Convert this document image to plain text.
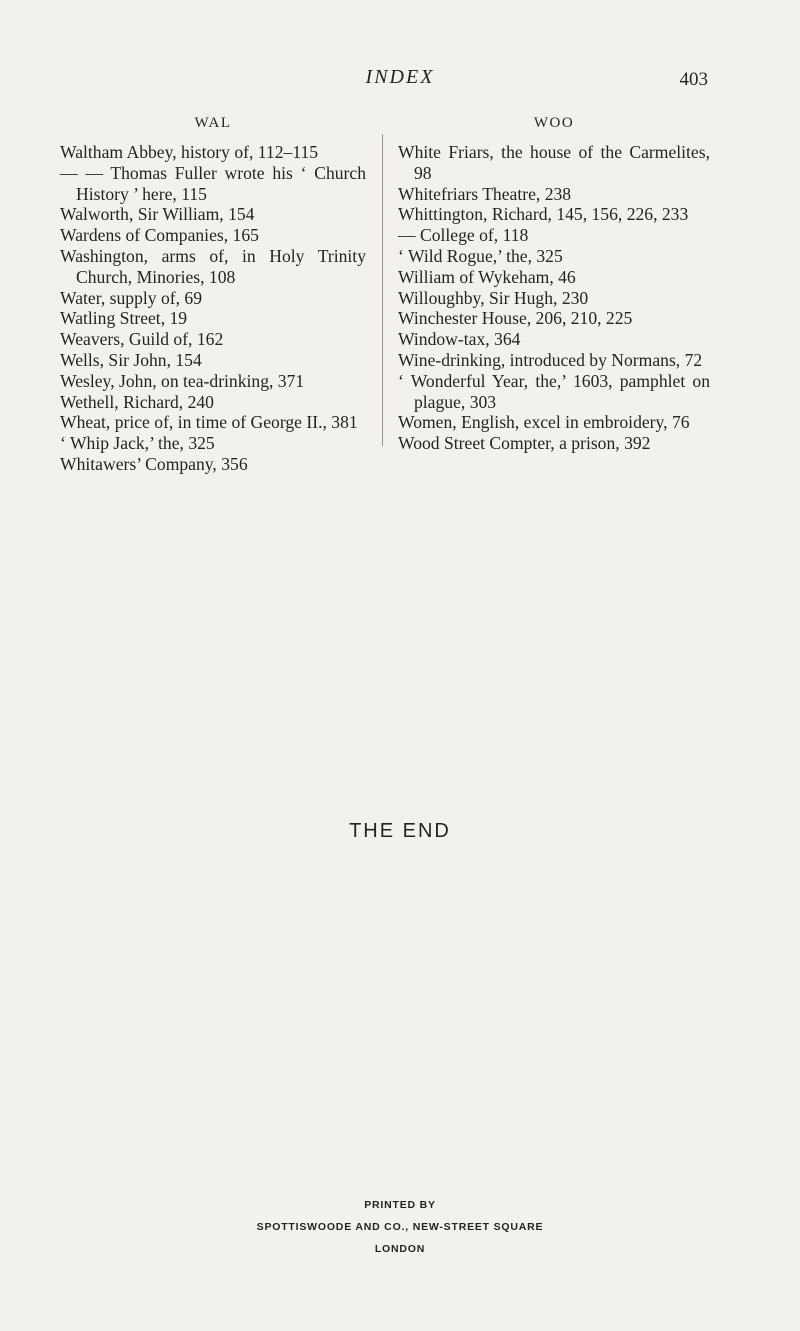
INDEX	403
WAL
Waltham Abbey, history of, 112–115
— — Thomas Fuller wrote his ‘ Church History ’ here, 115
Walworth, Sir William, 154
Wardens of Companies, 165
Washington, arms of, in Holy Trinity Church, Minories, 108
Water, supply of, 69
Watling Street, 19
Weavers, Guild of, 162
Wells, Sir John, 154
Wesley, John, on tea-drinking, 371
Wethell, Richard, 240
Wheat, price of, in time of George II., 381
‘ Whip Jack,’ the, 325
Whitawers’ Company, 356
WOO
White Friars, the house of the Carmelites, 98
Whitefriars Theatre, 238
Whittington, Richard, 145, 156, 226, 233
— College of, 118
‘ Wild Rogue,’ the, 325
William of Wykeham, 46
Willoughby, Sir Hugh, 230
Winchester House, 206, 210, 225
Window-tax, 364
Wine-drinking, introduced by Normans, 72
‘ Wonderful Year, the,’ 1603, pamphlet on plague, 303
Women, English, excel in embroidery, 76
Wood Street Compter, a prison, 392
THE END
PRINTED BY
SPOTTISWOODE AND CO., NEW-STREET SQUARE
LONDON
